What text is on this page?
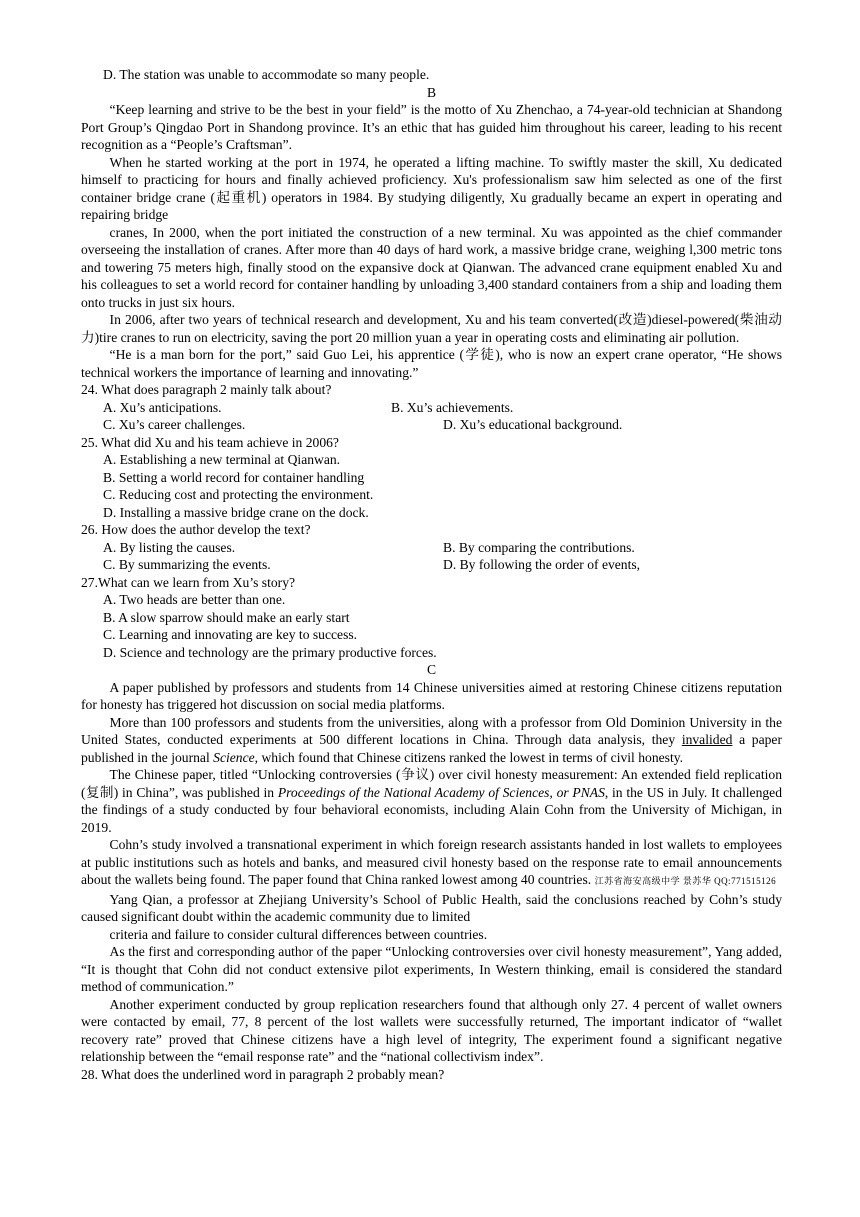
D. The station was unable to accommodate so many people.

B

“Keep learning and strive to be the best in your field” is the motto of Xu Zhenchao, a 74-year-old technician at Shandong Port Group’s Qingdao Port in Shandong province. It’s an ethic that has guided him throughout his career, leading to his recent recognition as a “People’s Craftsman”.

When he started working at the port in 1974, he operated a lifting machine. To swiftly master the skill, Xu dedicated himself to practicing for hours and finally achieved proficiency. Xu's professionalism saw him selected as one of the first container bridge crane (起重机) operators in 1984. By studying diligently, Xu gradually became an expert in operating and repairing bridge

cranes, In 2000, when the port initiated the construction of a new terminal. Xu was appointed as the chief commander overseeing the installation of cranes. After more than 40 days of hard work, a massive bridge crane, weighing l,300 metric tons and towering 75 meters high, finally stood on the expansive dock at Qianwan. The advanced crane equipment enabled Xu and his colleagues to set a world record for container handling by unloading 3,400 standard containers from a ship and loading them onto trucks in just six hours.

In 2006, after two years of technical research and development, Xu and his team converted(改造)diesel-powered(柴油动力)tire cranes to run on electricity, saving the port 20 million yuan a year in operating costs and eliminating air pollution.

“He is a man born for the port,” said Guo Lei, his apprentice (学徒), who is now an expert crane operator, “He shows technical workers the importance of learning and innovating.”

24. What does paragraph 2 mainly talk about?

A. Xu’s anticipations.	B. Xu’s achievements.
C. Xu’s career challenges.	D. Xu’s educational background.

25. What did Xu and his team achieve in 2006?

A. Establishing a new terminal at Qianwan.

B. Setting a world record for container handling

C. Reducing cost and protecting the environment.

D. Installing a massive bridge crane on the dock.

26. How does the author develop the text?

A. By listing the causes.	B. By comparing the contributions.
C. By summarizing the events.	D. By following the order of events,

27.What can we learn from Xu’s story?

A. Two heads are better than one.

B. A slow sparrow should make an early start

C. Learning and innovating are key to success.

D. Science and technology are the primary productive forces.

C

A paper published by professors and students from 14 Chinese universities aimed at restoring Chinese citizens reputation for honesty has triggered hot discussion on social media platforms.

More than 100 professors and students from the universities, along with a professor from Old Dominion University in the United States, conducted experiments at 500 different locations in China. Through data analysis, they invalided a paper published in the journal Science, which found that Chinese citizens ranked the lowest in terms of civil honesty.

The Chinese paper, titled “Unlocking controversies (争议) over civil honesty measurement: An extended field replication (复制) in China”, was published in Proceedings of the National Academy of Sciences, or PNAS, in the US in July. It challenged the findings of a study conducted by four behavioral economists, including Alain Cohn from the University of Michigan, in 2019.

Cohn’s study involved a transnational experiment in which foreign research assistants handed in lost wallets to employees at public institutions such as hotels and banks, and measured civil honesty based on the response rate to email announcements about the wallets being found. The paper found that China ranked lowest among 40 countries. 江苏省海安高级中学 景苏华 QQ:771515126

Yang Qian, a professor at Zhejiang University’s School of Public Health, said the conclusions reached by Cohn’s study caused significant doubt within the academic community due to limited

criteria and failure to consider cultural differences between countries.

As the first and corresponding author of the paper “Unlocking controversies over civil honesty measurement”, Yang added, “It is thought that Cohn did not conduct extensive pilot experiments, In Western thinking, email is considered the standard method of communication.”

Another experiment conducted by group replication researchers found that although only 27. 4 percent of wallet owners were contacted by email, 77, 8 percent of the lost wallets were successfully returned, The important indicator of “wallet recovery rate” proved that Chinese citizens have a high level of integrity, The experiment found a significant negative relationship between the “email response rate” and the “national collectivism index”.

28. What does the underlined word in paragraph 2 probably mean?
